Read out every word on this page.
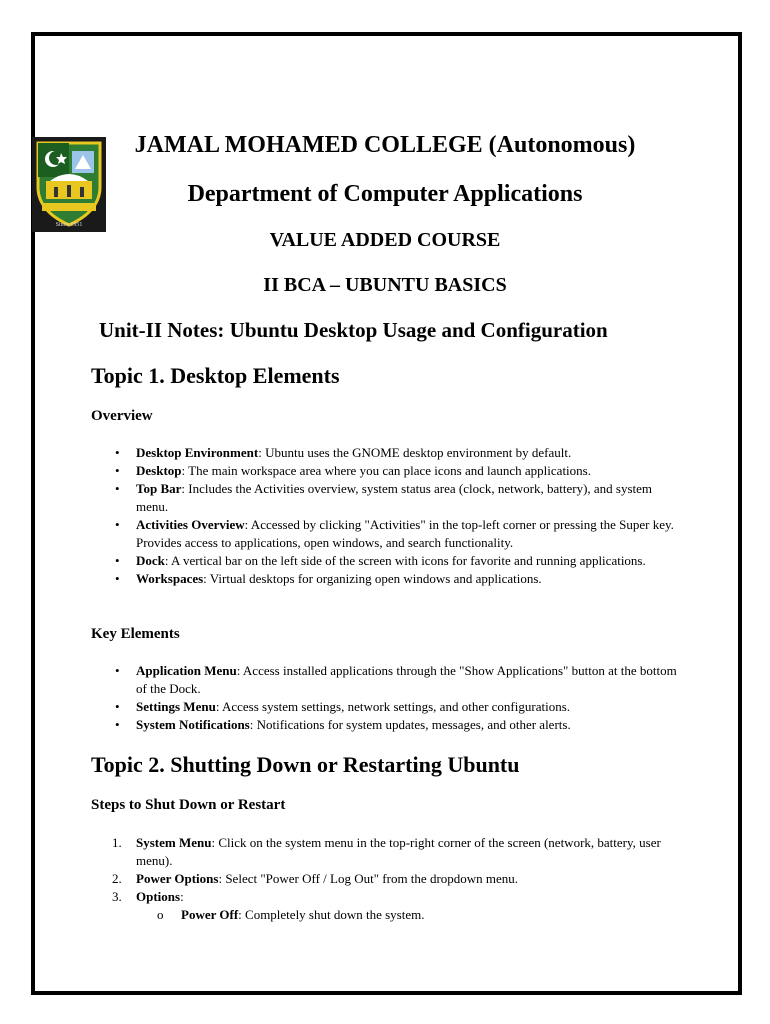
Since 1951
JAMAL MOHAMED COLLEGE (Autonomous)
Department of Computer Applications
VALUE ADDED COURSE
II BCA – UBUNTU BASICS
Unit-II Notes: Ubuntu Desktop Usage and Configuration
Topic 1. Desktop Elements
Overview
• Desktop Environment: Ubuntu uses the GNOME desktop environment by default.
• Desktop: The main workspace area where you can place icons and launch applications.
• Top Bar: Includes the Activities overview, system status area (clock, network, battery), and system menu.
• Activities Overview: Accessed by clicking "Activities" in the top-left corner or pressing the Super key. Provides access to applications, open windows, and search functionality.
• Dock: A vertical bar on the left side of the screen with icons for favorite and running applications.
• Workspaces: Virtual desktops for organizing open windows and applications.
Key Elements
• Application Menu: Access installed applications through the "Show Applications" button at the bottom of the Dock.
• Settings Menu: Access system settings, network settings, and other configurations.
• System Notifications: Notifications for system updates, messages, and other alerts.
Topic 2. Shutting Down or Restarting Ubuntu
Steps to Shut Down or Restart
1. System Menu: Click on the system menu in the top-right corner of the screen (network, battery, user menu).
2. Power Options: Select "Power Off / Log Out" from the dropdown menu.
3. Options:
o Power Off: Completely shut down the system.
